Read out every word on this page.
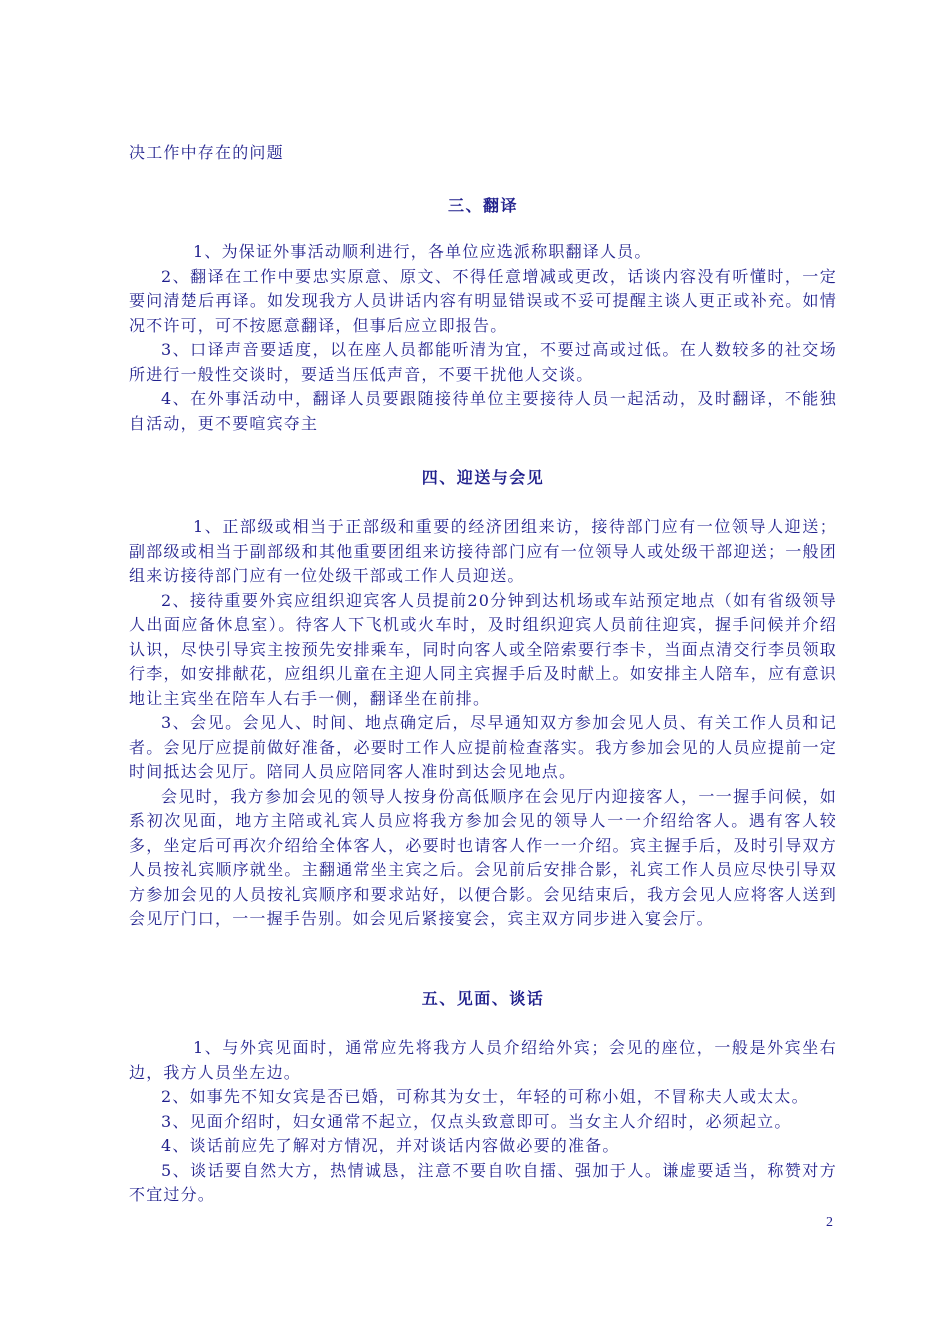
决工作中存在的问题

三、翻译

1、为保证外事活动顺利进行，各单位应选派称职翻译人员。

2、翻译在工作中要忠实原意、原文、不得任意增减或更改，话谈内容没有听懂时，一定要问清楚后再译。如发现我方人员讲话内容有明显错误或不妥可提醒主谈人更正或补充。如情况不许可，可不按愿意翻译，但事后应立即报告。

3、口译声音要适度，以在座人员都能听清为宜，不要过高或过低。在人数较多的社交场所进行一般性交谈时，要适当压低声音，不要干扰他人交谈。

4、在外事活动中，翻译人员要跟随接待单位主要接待人员一起活动，及时翻译，不能独自活动，更不要喧宾夺主

四、迎送与会见

1、正部级或相当于正部级和重要的经济团组来访，接待部门应有一位领导人迎送；副部级或相当于副部级和其他重要团组来访接待部门应有一位领导人或处级干部迎送；一般团组来访接待部门应有一位处级干部或工作人员迎送。

2、接待重要外宾应组织迎宾客人员提前20分钟到达机场或车站预定地点（如有省级领导人出面应备休息室）。待客人下飞机或火车时，及时组织迎宾人员前往迎宾，握手问候并介绍认识，尽快引导宾主按预先安排乘车，同时向客人或全陪索要行李卡，当面点清交行李员领取行李，如安排献花，应组织儿童在主迎人同主宾握手后及时献上。如安排主人陪车，应有意识地让主宾坐在陪车人右手一侧，翻译坐在前排。

3、会见。会见人、时间、地点确定后，尽早通知双方参加会见人员、有关工作人员和记者。会见厅应提前做好准备，必要时工作人应提前检查落实。我方参加会见的人员应提前一定时间抵达会见厅。陪同人员应陪同客人准时到达会见地点。

会见时，我方参加会见的领导人按身份高低顺序在会见厅内迎接客人，一一握手问候，如系初次见面，地方主陪或礼宾人员应将我方参加会见的领导人一一介绍给客人。遇有客人较多，坐定后可再次介绍给全体客人，必要时也请客人作一一介绍。宾主握手后，及时引导双方人员按礼宾顺序就坐。主翻通常坐主宾之后。会见前后安排合影，礼宾工作人员应尽快引导双方参加会见的人员按礼宾顺序和要求站好，以便合影。会见结束后，我方会见人应将客人送到会见厅门口，一一握手告别。如会见后紧接宴会，宾主双方同步进入宴会厅。

五、见面、谈话

1、与外宾见面时，通常应先将我方人员介绍给外宾；会见的座位，一般是外宾坐右边，我方人员坐左边。

2、如事先不知女宾是否已婚，可称其为女士，年轻的可称小姐，不冒称夫人或太太。

3、见面介绍时，妇女通常不起立，仅点头致意即可。当女主人介绍时，必须起立。

4、谈话前应先了解对方情况，并对谈话内容做必要的准备。

5、谈话要自然大方，热情诚恳，注意不要自吹自擂、强加于人。谦虚要适当，称赞对方不宜过分。

2
